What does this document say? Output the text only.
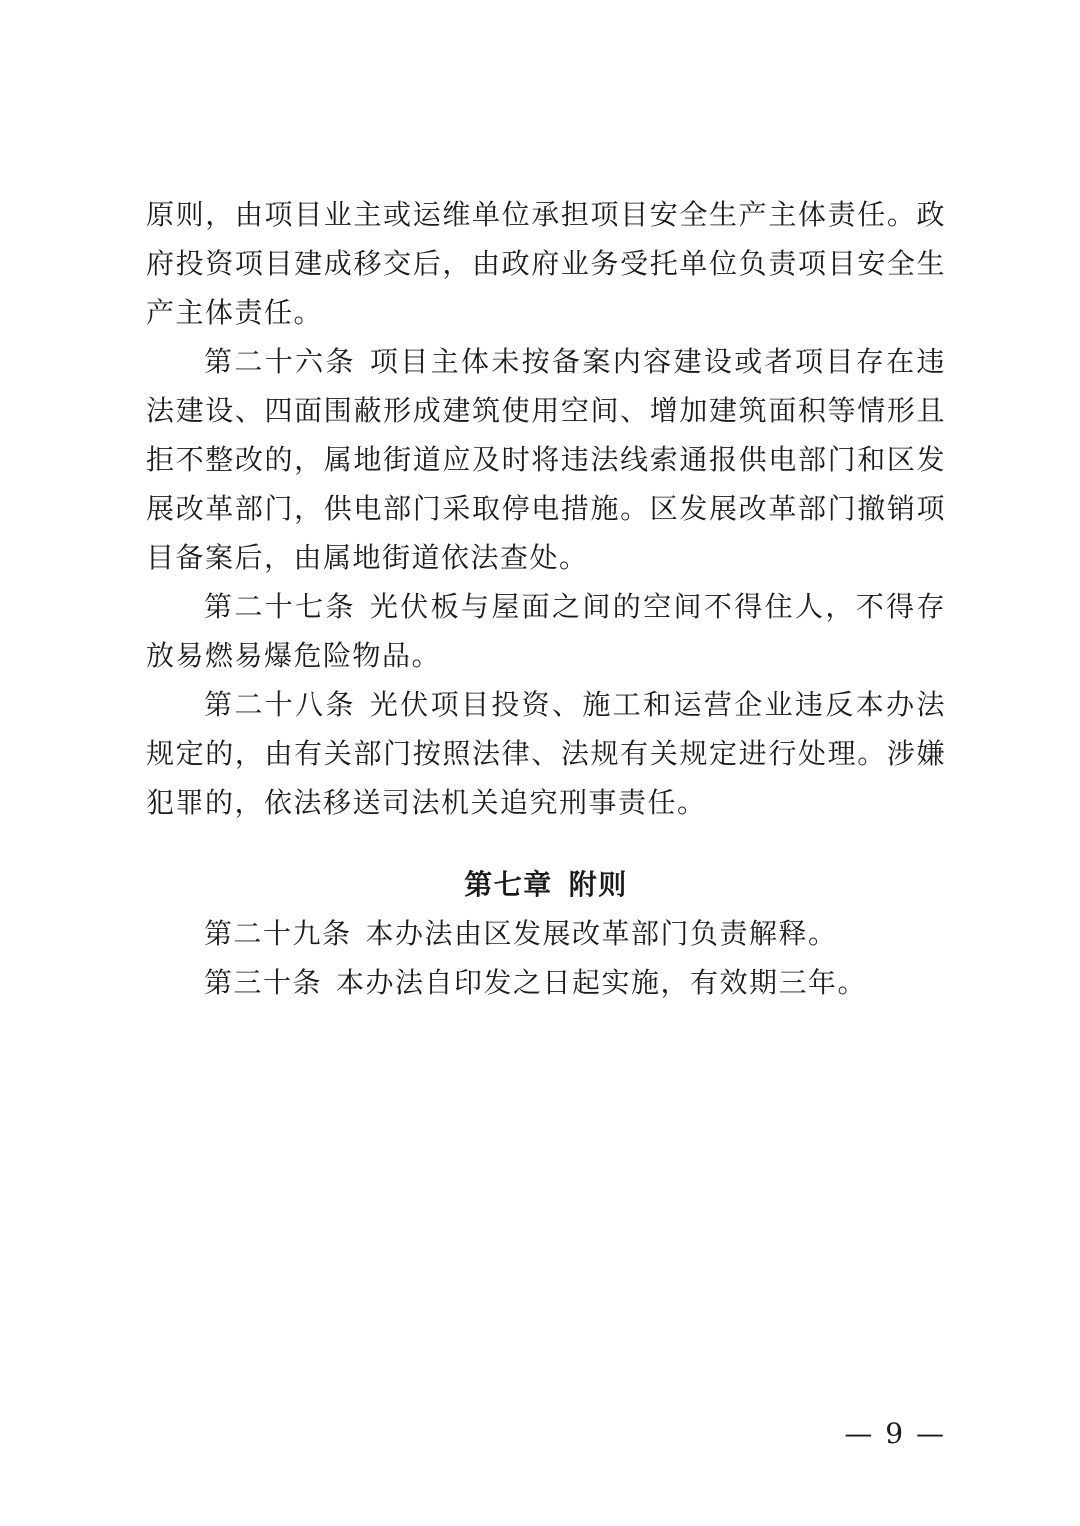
原则，由项目业主或运维单位承担项目安全生产主体责任。政府投资项目建成移交后，由政府业务受托单位负责项目安全生产主体责任。

第二十六条 项目主体未按备案内容建设或者项目存在违法建设、四面围蔽形成建筑使用空间、增加建筑面积等情形且拒不整改的，属地街道应及时将违法线索通报供电部门和区发展改革部门，供电部门采取停电措施。区发展改革部门撤销项目备案后，由属地街道依法查处。

第二十七条 光伏板与屋面之间的空间不得住人，不得存放易燃易爆危险物品。

第二十八条 光伏项目投资、施工和运营企业违反本办法规定的，由有关部门按照法律、法规有关规定进行处理。涉嫌犯罪的，依法移送司法机关追究刑事责任。

第七章 附则

第二十九条 本办法由区发展改革部门负责解释。

第三十条 本办法自印发之日起实施，有效期三年。

— 9 —
